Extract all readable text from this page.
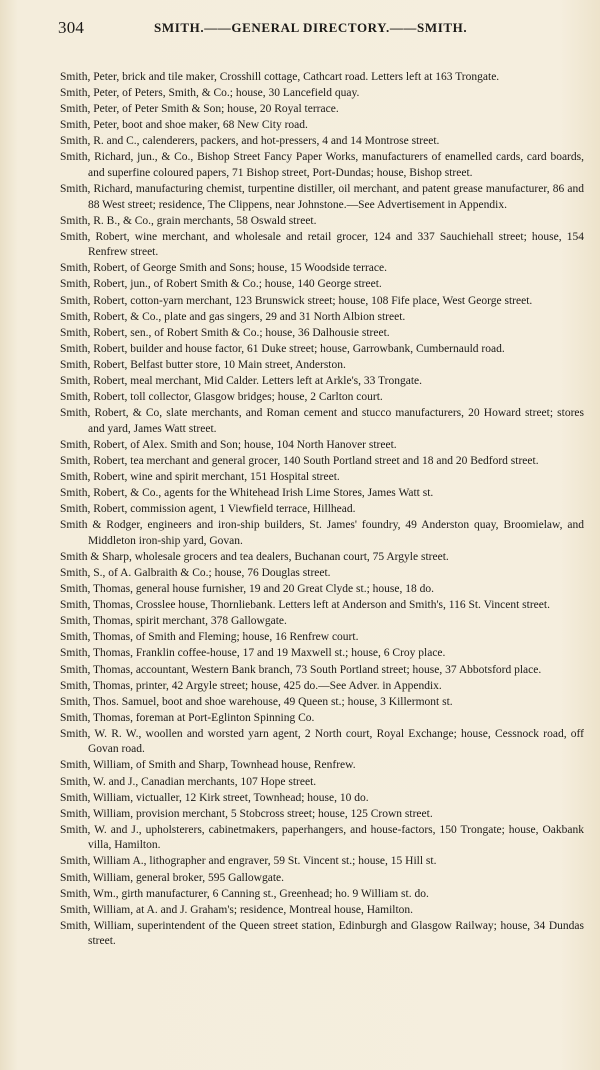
304	SMITH.——GENERAL DIRECTORY.——SMITH.

Smith, Peter, brick and tile maker, Crosshill cottage, Cathcart road. Letters left at 163 Trongate.

Smith, Peter, of Peters, Smith, & Co.; house, 30 Lancefield quay.

Smith, Peter, of Peter Smith & Son; house, 20 Royal terrace.

Smith, Peter, boot and shoe maker, 68 New City road.

Smith, R. and C., calenderers, packers, and hot-pressers, 4 and 14 Montrose street.

Smith, Richard, jun., & Co., Bishop Street Fancy Paper Works, manufacturers of enamelled cards, card boards, and superfine coloured papers, 71 Bishop street, Port-Dundas; house, Bishop street.

Smith, Richard, manufacturing chemist, turpentine distiller, oil merchant, and patent grease manufacturer, 86 and 88 West street; residence, The Clippens, near Johnstone.—See Advertisement in Appendix.

Smith, R. B., & Co., grain merchants, 58 Oswald street.

Smith, Robert, wine merchant, and wholesale and retail grocer, 124 and 337 Sauchiehall street; house, 154 Renfrew street.

Smith, Robert, of George Smith and Sons; house, 15 Woodside terrace.

Smith, Robert, jun., of Robert Smith & Co.; house, 140 George street.

Smith, Robert, cotton-yarn merchant, 123 Brunswick street; house, 108 Fife place, West George street.

Smith, Robert, & Co., plate and gas singers, 29 and 31 North Albion street.

Smith, Robert, sen., of Robert Smith & Co.; house, 36 Dalhousie street.

Smith, Robert, builder and house factor, 61 Duke street; house, Garrowbank, Cumbernauld road.

Smith, Robert, Belfast butter store, 10 Main street, Anderston.

Smith, Robert, meal merchant, Mid Calder. Letters left at Arkle's, 33 Trongate.

Smith, Robert, toll collector, Glasgow bridges; house, 2 Carlton court.

Smith, Robert, & Co, slate merchants, and Roman cement and stucco manufacturers, 20 Howard street; stores and yard, James Watt street.

Smith, Robert, of Alex. Smith and Son; house, 104 North Hanover street.

Smith, Robert, tea merchant and general grocer, 140 South Portland street and 18 and 20 Bedford street.

Smith, Robert, wine and spirit merchant, 151 Hospital street.

Smith, Robert, & Co., agents for the Whitehead Irish Lime Stores, James Watt st.

Smith, Robert, commission agent, 1 Viewfield terrace, Hillhead.

Smith & Rodger, engineers and iron-ship builders, St. James' foundry, 49 Anderston quay, Broomielaw, and Middleton iron-ship yard, Govan.

Smith & Sharp, wholesale grocers and tea dealers, Buchanan court, 75 Argyle street.

Smith, S., of A. Galbraith & Co.; house, 76 Douglas street.

Smith, Thomas, general house furnisher, 19 and 20 Great Clyde st.; house, 18 do.

Smith, Thomas, Crosslee house, Thornliebank. Letters left at Anderson and Smith's, 116 St. Vincent street.

Smith, Thomas, spirit merchant, 378 Gallowgate.

Smith, Thomas, of Smith and Fleming; house, 16 Renfrew court.

Smith, Thomas, Franklin coffee-house, 17 and 19 Maxwell st.; house, 6 Croy place.

Smith, Thomas, accountant, Western Bank branch, 73 South Portland street; house, 37 Abbotsford place.

Smith, Thomas, printer, 42 Argyle street; house, 425 do.—See Adver. in Appendix.

Smith, Thos. Samuel, boot and shoe warehouse, 49 Queen st.; house, 3 Killermont st.

Smith, Thomas, foreman at Port-Eglinton Spinning Co.

Smith, W. R. W., woollen and worsted yarn agent, 2 North court, Royal Exchange; house, Cessnock road, off Govan road.

Smith, William, of Smith and Sharp, Townhead house, Renfrew.

Smith, W. and J., Canadian merchants, 107 Hope street.

Smith, William, victualler, 12 Kirk street, Townhead; house, 10 do.

Smith, William, provision merchant, 5 Stobcross street; house, 125 Crown street.

Smith, W. and J., upholsterers, cabinetmakers, paperhangers, and house-factors, 150 Trongate; house, Oakbank villa, Hamilton.

Smith, William A., lithographer and engraver, 59 St. Vincent st.; house, 15 Hill st.

Smith, William, general broker, 595 Gallowgate.

Smith, Wm., girth manufacturer, 6 Canning st., Greenhead; ho. 9 William st. do.

Smith, William, at A. and J. Graham's; residence, Montreal house, Hamilton.

Smith, William, superintendent of the Queen street station, Edinburgh and Glasgow Railway; house, 34 Dundas street.
